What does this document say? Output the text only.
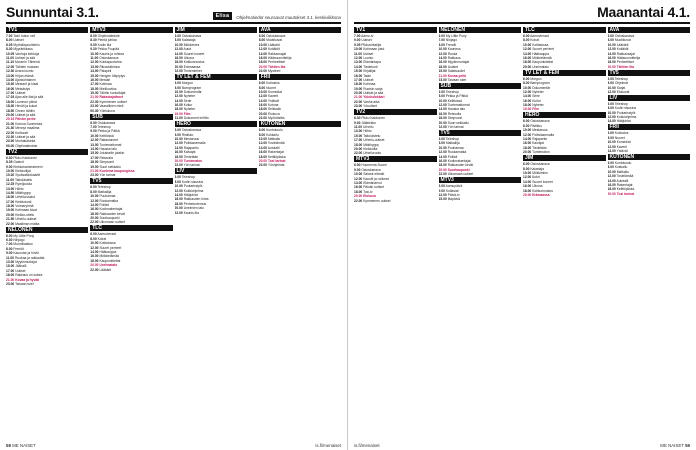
Sunnuntai 3.1.	Elisa	Ohjelmatiedot seuraavat muutokset 3.1. keskiviikkona
TV1
7.00 Taini hutun veli
8.00 Uutiset
8.05 Myöhäispuolistelu
8.30 Myyrärikkaus
10.05 Vanhoja kirkkoja
11.00 Uutiset ja sää
11.10 Moomin Tähtenä
12.00 Tähtien mukaan
12.30 Avara luonto
13.00 Kirjan elämä
14.00 Ajankohtainen
15.30 Mestarit ja kisat
16.00 Metsästys
17.00 Uutiset
17.03 Ajan alle illat ja sää
18.00 Luonnon päivä
18.30 Hirviöt ja kukat
18.50 Onnen tähtiin
20.00 Uutiset ja sää
20.15 Päivän perhe
21.00 Kotona Suomessa
21.30 Mennyt maailma
22.00 Kulttuurit
22.30 Uutiset ja sää
23.00 Murhatutkinta
00.00 Ohjelmatiedote
TV2
6.30 Pikku Kakkonen
8.39 Galaxit
9.00 Kiekkokameratreeni
10.00 Kiekkoilijat
10.20 Syväsakkokaartti
11.00 Taitoluistelu
12.25 Rymijoukko
13.00 Hiihto
14.50 Mäkihyppy
16.00 Urheiluruudut
17.00 Kiekkotunti
18.00 Voimaryhmä
19.00 Kotimaan kisat
20.00 Kiekko-ottelu
21.50 Urheilu-uutiset
22.00 Maailman matka
NELONEN
6.00 My Little Pony
6.30 Ninjago
7.00 Muumilaakso
8.00 Frendit
9.00 Kaunotar ja hirviö
11.00 Ruokaa ja rakkautta
13.00 Myytinmurtajat
15.00 Jäähalli
17.00 Uutiset
18.00 Rakkaus on sokea
21.00 Kovaa ja hyvää
23.00 Taivaan tulet
MTV3
8.00 Ohjelmatiedote
8.30 Pientä juhlaa
9.00 Kodin ilta
9.30 Pekka Puupää
10.00 Kaunis ja rohkea
11.00 Ostoskanava
12.00 Kukkapuutarha
13.00 Rikostutkimus
14.00 Palapeli
15.00 Hengen hälyrytys
16.00 Mestari
17.00 Kotimaa
18.00 Mielikuvitus
19.30 Tähtiin kurkottajat
21.00 Rakastajattaret
22.30 Kymmenen uutiset
23.00 Vaarallinen mieli
00.30 Yöelokuva
SUB
6.00 Ostokanava
7.00 Teleshop
9.00 Pekka ja Pätkä
10.00 Keittiössä
12.00 Rakastuneet
13.00 Tuntemattomat
14.00 Hauska talo
15.00 Jokaiselle jotakin
17.00 Reissulla
18.00 Simpsonit
19.00 Suuri seikkailu
21.00 Kuolema kaupungissa
23.00 Yön tarinat
TV5
6.00 Teleshop
8.00 Matkailija
10.00 Puuhamaa
12.00 Ruokamatka
14.00 Poliisit
16.00 Kodinrakentajat
18.00 Rakkauden kevät
20.00 Suurkaupunki
22.00 Ulkomaan uutiset
TLC
6.00 Aamuvieraat
8.00 Koirat
10.00 Kotitalossa
12.00 Suuret perheet
14.00 Hääkauppa
16.00 Mökkielämää
18.00 Kaupunkiteltat
20.00 Unelmatalo
22.00 Lääkärit
JIM
6.00 Ostoskanava
8.00 Kalastaja
10.00 Mökkimies
12.00 Autot
14.00 Suuret koneet
16.00 Ulkona
18.00 Kotikunnostus
20.00 Erämaassa
22.00 Tiedemiehet
TV LET & FEM
6.00 Morgon
8.00 Barnprogram
10.00 Dokumentär
12.00 Nyheter
14.00 Serie
16.00 Kultur
18.00 Nyheter
19.00 Film
21.00 Dokument inifrån
HERO
6.00 Ostoskanava
8.00 Ristikko
10.00 Mestaruus
12.00 Poliisiasemalla
14.00 Rajapartio
16.00 Kaivajat
18.00 Tiedetään
20.00 Tuntematon
22.00 Yön tarinat
LIV
6.00 Teleshop
8.00 Kodin sisustus
10.00 Puutarhatyöt
12.00 Kokkiohjelma
14.00 Hääjuhlat
16.00 Rakkauden hinta
18.00 Perhetuntemus
20.00 Unelmien talo
22.00 Kaunis ilta
AVA
6.00 Ostoskanava
8.00 Muotikuvat
10.00 Lääkärit
12.00 Kotiäidit
14.00 Rakkausajat
16.00 Hääsuunnittelija
18.00 Perheelliset
20.00 Tähtien ilta
22.00 Mysteeri
FRII
6.00 Kotiostos
8.00 Nuoret
10.00 Komediat
12.00 Kaverit
14.00 Ystävät
16.00 Kotona
18.00 Seikkailu
20.00 Elokuva
22.00 Myöhäisilta
KUTONEN
6.00 Kuntokoulu
8.00 Kokkailu
10.00 Matkailu
12.00 Tosielämää
14.00 Autotalli
16.00 Rakentajat
18.00 Keittiöpiiska
20.00 Tosi tarinat
22.00 Yöohjelmat
58 ME NAISET	is.fi/menaiset
Maanantai 4.1.
TV1
7.00 Aamu-tv
9.00 Uutiset
9.05 Pikkuvirkailija
10.00 Kotimaan jutut
11.00 Uutiset
12.00 Luonto
13.00 Elämäntapa
14.00 Tiedetunti
15.00 Kirjailijat
16.00 Taide
17.00 Uutiset
18.00 Kotimaa
19.00 Ruotsin sarja
20.00 Uutiset ja sää
21.00 Ykkösdokkari
22.00 Vanha aika
23.00 Yöuutiset
TV2
6.30 Pikku Kakkonen
9.00 Jääkiekko
11.00 Urheilu
13.00 Hiihto
15.00 Taitoluistelu
17.00 Urheilu-uutiset
18.00 Mäkihyppy
20.00 Kiekkoilta
22.00 Urheiluruutu
MTV3
6.00 Huomenta Suomi
9.00 Ostoskanava
10.00 Salatut elämät
12.00 Kauniit ja rohkeat
14.00 Elämänarvot
16.00 Päivän uutiset
18.00 Tosi-tv
20.00 Elokuva
22.00 Kymmenen uutiset
NELONEN
6.00 My Little Pony
7.00 Ninjago
8.00 Frendit
10.00 Kauneus
12.00 Ruoka
14.00 Rakkaus
16.00 Myytinmurtajat
18.00 Uutiset
19.00 Salaisuudet
21.00 Kovaa peliä
23.00 Taivaan tulet
SUB
6.00 Teleshop
8.00 Pekka ja Pätkä
10.00 Keittiössä
12.00 Tuntemattomat
14.00 Hauska talo
16.00 Reissulla
18.00 Simpsonit
20.00 Suuri seikkailu
22.00 Yön tarinat
TV5
6.00 Teleshop
8.00 Matkailija
10.00 Puuhamaa
12.00 Ruokamatka
14.00 Poliisit
16.00 Kodinrakentajat
18.00 Rakkauden kevät
20.00 Suurkaupunki
22.00 Ulkomaan uutiset
MTV3
6.00 Aamupäivä
9.00 Kotiasiat
12.00 Päivä-tv
15.00 Iltapäivä
TLC
6.00 Aamuvieraat
8.00 Koirat
10.00 Kotitalossa
12.00 Suuret perheet
14.00 Hääkauppa
16.00 Mökkielämää
18.00 Kaupunkiteltat
20.00 Unelmatalo
TV LET & FEM
6.00 Morgon
8.00 Barnprogram
10.00 Dokumentär
12.00 Nyheter
14.00 Serie
16.00 Kultur
18.00 Nyheter
19.00 Film
HERO
6.00 Ostoskanava
8.00 Ristikko
10.00 Mestaruus
12.00 Poliisiasemalla
14.00 Rajapartio
16.00 Kaivajat
18.00 Tiedetään
20.00 Tuntematon
JIM
6.00 Ostoskanava
8.00 Kalastaja
10.00 Mökkimies
12.00 Autot
14.00 Suuret koneet
16.00 Ulkona
18.00 Kotikunnostus
20.00 Erämaassa
AVA
6.00 Ostoskanava
8.00 Muotikuvat
10.00 Lääkärit
12.00 Kotiäidit
14.00 Rakkausajat
16.00 Hääsuunnittelija
18.00 Perheelliset
20.00 Tähtien ilta
TV5
6.00 Teleshop
8.00 Ohjelmat
10.00 Sarjat
12.00 Elokuvat
LIV
6.00 Teleshop
8.00 Kodin sisustus
10.00 Puutarhatyöt
12.00 Kokkiohjelma
14.00 Hääjuhlat
FRII
6.00 Kotiostos
8.00 Nuoret
10.00 Komediat
12.00 Kaverit
14.00 Ystävät
KUTONEN
6.00 Kuntokoulu
8.00 Kokkailu
10.00 Matkailu
12.00 Tosielämää
14.00 Autotalli
16.00 Rakentajat
18.00 Keittiöpiiska
20.00 Tosi tarinat
is.fi/menaiset	ME NAISET 59
